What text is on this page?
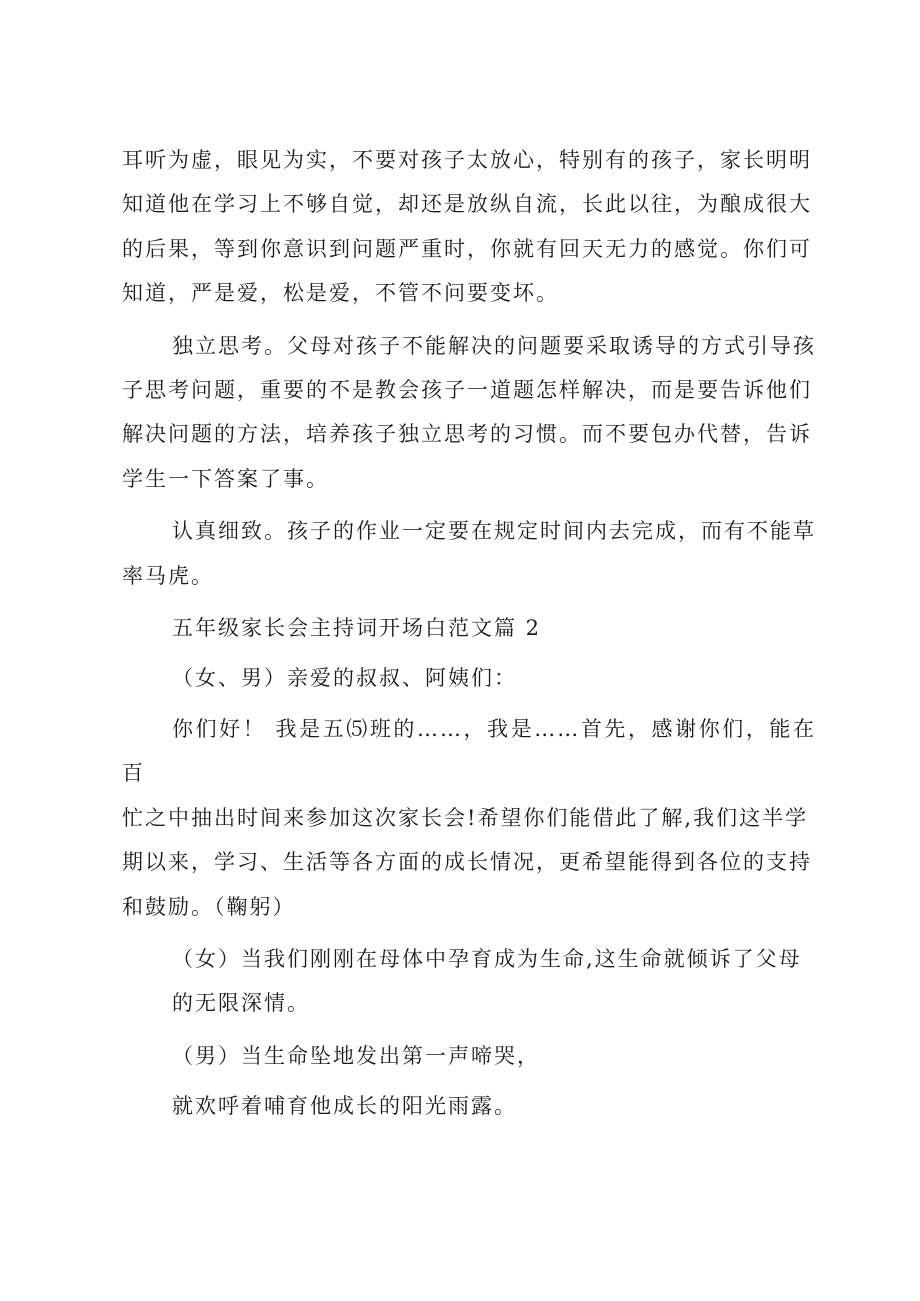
耳听为虚，眼见为实，不要对孩子太放心，特别有的孩子，家长明明
知道他在学习上不够自觉，却还是放纵自流，长此以往，为酿成很大
的后果，等到你意识到问题严重时，你就有回天无力的感觉。你们可
知道，严是爱，松是爱，不管不问要变坏。
独立思考。父母对孩子不能解决的问题要采取诱导的方式引导孩
子思考问题，重要的不是教会孩子一道题怎样解决，而是要告诉他们
解决问题的方法，培养孩子独立思考的习惯。而不要包办代替，告诉
学生一下答案了事。
认真细致。孩子的作业一定要在规定时间内去完成，而有不能草
率马虎。
五年级家长会主持词开场白范文篇 2
（女、男）亲爱的叔叔、阿姨们：
你们好！ 我是五⑸班的……，我是……首先，感谢你们，能在百
忙之中抽出时间来参加这次家长会!希望你们能借此了解,我们这半学
期以来，学习、生活等各方面的成长情况，更希望能得到各位的支持
和鼓励。（鞠躬）
（女）当我们刚刚在母体中孕育成为生命,这生命就倾诉了父母
的无限深情。
（男）当生命坠地发出第一声啼哭，
就欢呼着哺育他成长的阳光雨露。
